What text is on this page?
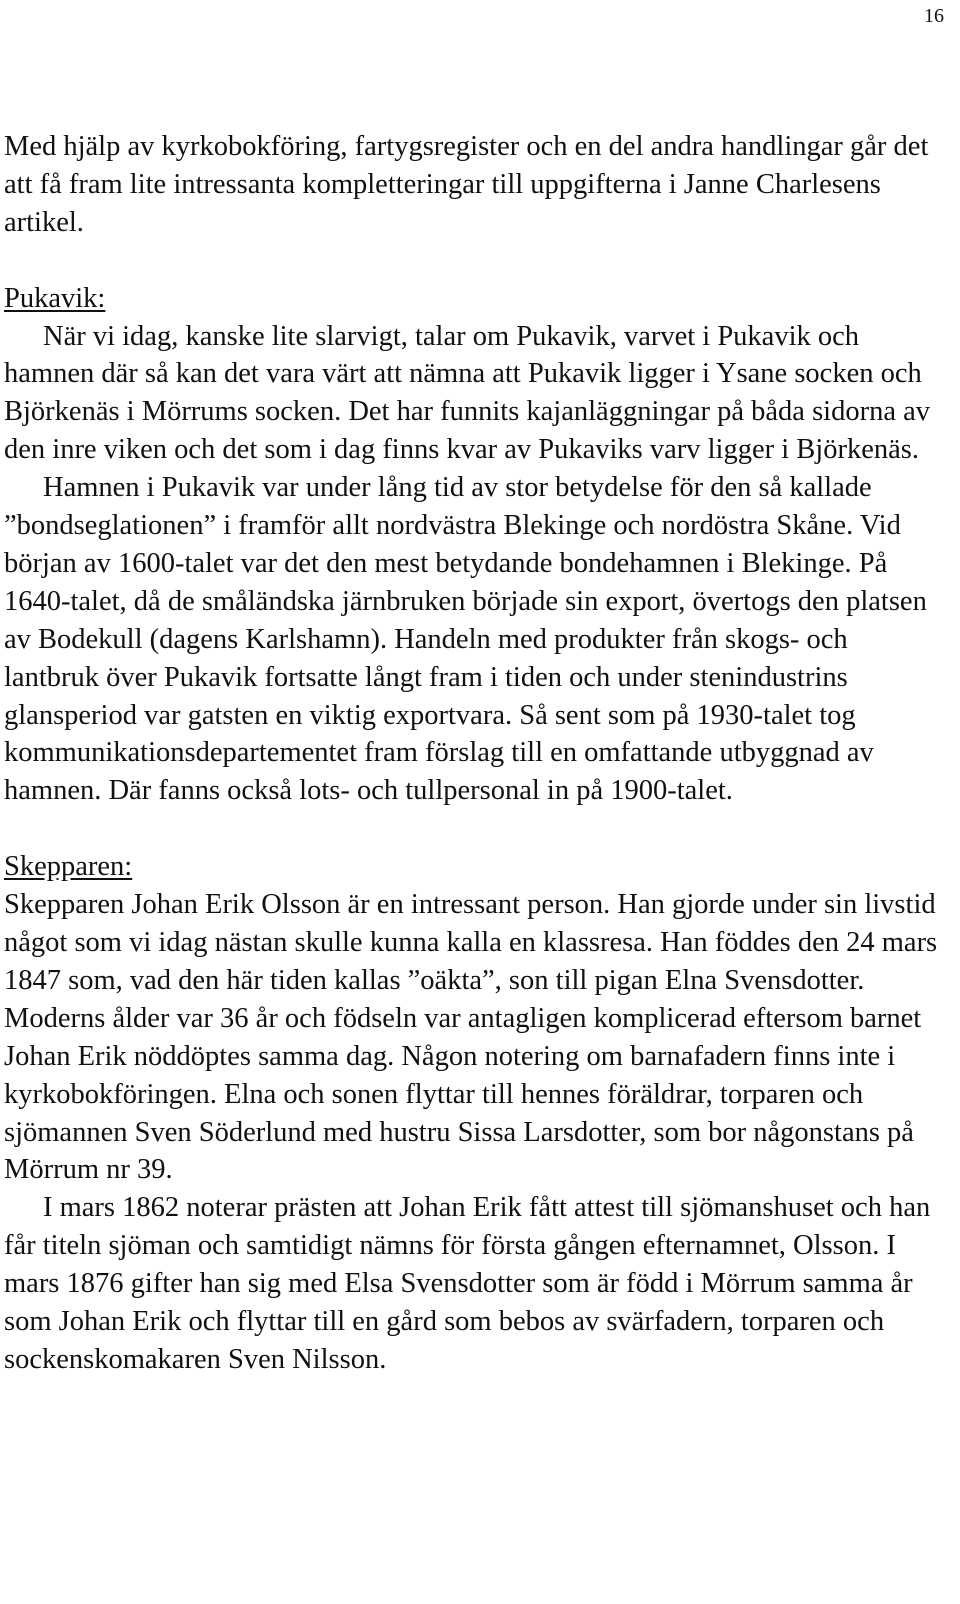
16

Med hjälp av kyrkobokföring, fartygsregister och en del andra handlingar går det att få fram lite intressanta kompletteringar till uppgifterna i Janne Charlesens artikel.

Pukavik:

När vi idag, kanske lite slarvigt, talar om Pukavik, varvet i Pukavik och hamnen där så kan det vara värt att nämna att Pukavik ligger i Ysane socken och Björkenäs i Mörrums socken. Det har funnits kajanläggningar på båda sidorna av den inre viken och det som i dag finns kvar av Pukaviks varv ligger i Björkenäs.

Hamnen i Pukavik var under lång tid av stor betydelse för den så kallade ”bondseglationen” i framför allt nordvästra Blekinge och nordöstra Skåne. Vid början av 1600-talet var det den mest betydande bondehamnen i Blekinge. På 1640-talet, då de småländska järnbruken började sin export, övertogs den platsen av Bodekull (dagens Karlshamn). Handeln med produkter från skogs- och lantbruk över Pukavik fortsatte långt fram i tiden och under stenindustrins glansperiod var gatsten en viktig exportvara. Så sent som på 1930-talet tog kommunikationsdepartementet fram förslag till en omfattande utbyggnad av hamnen. Där fanns också lots- och tullpersonal in på 1900-talet.

Skepparen:

Skepparen Johan Erik Olsson är en intressant person. Han gjorde under sin livstid något som vi idag nästan skulle kunna kalla en klassresa. Han föddes den 24 mars 1847 som, vad den här tiden kallas ”oäkta”, son till pigan Elna Svensdotter. Moderns ålder var 36 år och födseln var antagligen komplicerad eftersom barnet Johan Erik nöddöptes samma dag. Någon notering om barnafadern finns inte i kyrkobokföringen. Elna och sonen flyttar till hennes föräldrar, torparen och sjömannen Sven Söderlund med hustru Sissa Larsdotter, som bor någonstans på Mörrum nr 39.

I mars 1862 noterar prästen att Johan Erik fått attest till sjömanshuset och han får titeln sjöman och samtidigt nämns för första gången efternamnet, Olsson. I mars 1876 gifter han sig med Elsa Svensdotter som är född i Mörrum samma år som Johan Erik och flyttar till en gård som bebos av svärfadern, torparen och sockenskomakaren Sven Nilsson.
